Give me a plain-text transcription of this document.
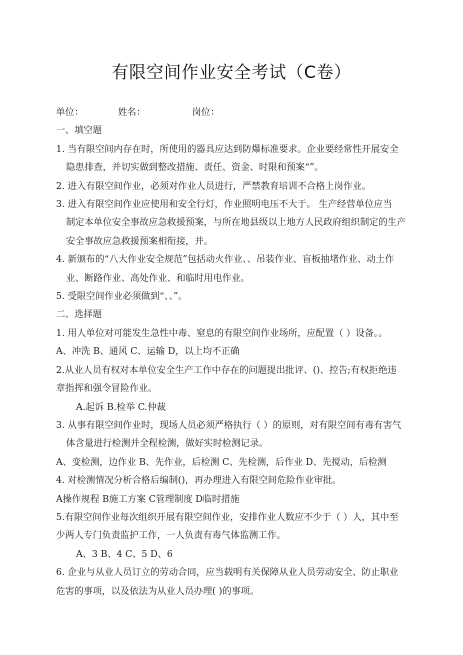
有限空间作业安全考试（C卷）
单位：	姓名：	岗位：
一、填空题
1. 当有限空间内存在时，所使用的器具应达到防爆标准要求。企业要经常性开展安全
隐患排查，并切实做到整改措施、责任、资金、时限和预案“”。
2. 进入有限空间作业，必须对作业人员进行，严禁教育培训不合格上岗作业。
3. 进入有限空间作业应使用和安全行灯，作业照明电压不大于。 生产经营单位应当
制定本单位安全事故应急救援预案，与所在地县级以上地方人民政府组织制定的生产
安全事故应急救援预案相衔接，并。
4. 新颁布的“八大作业安全规范”包括动火作业、、吊装作业、盲板抽堵作业、动土作
业、断路作业、高处作业、和临时用电作业。
5. 受限空间作业必须做到“、、”。
二、选择题
1. 用人单位对可能发生急性中毒、窒息的有限空间作业场所，应配置（ ）设备。。
A、冲洗 B、通风 C、运输 D，以上均不正确
2.从业人员有权对本单位安全生产工作中存在的问题提出批评、()、控告;有权拒绝违
章指挥和强令冒险作业。
A.起诉 B.检举 C.仲裁
3. 从事有限空间作业时，现场人员必须严格执行（ ）的原则，对有限空间有毒有害气
体含量进行检测并全程检测，做好实时检测记录。
A、变检测，边作业 B、先作业，后检测 C、先检测，后作业 D、先搅动，后检测
4. 对检测情况分析合格后编制()，再办理进入有限空间危险作业审批。
A操作规程 B施工方案 C管理制度 D临时措施
5.有限空间作业每次组织开展有限空间作业，安排作业人数应不少于（ ）人，其中至
少两人专门负责监护工作，一人负责有毒气体监测工作。
A、3 B、4 C、5 D、6
6. 企业与从业人员订立的劳动合同，应当载明有关保障从业人员劳动安全、防止职业
危害的事项，以及依法为从业人员办理( )的事项。
